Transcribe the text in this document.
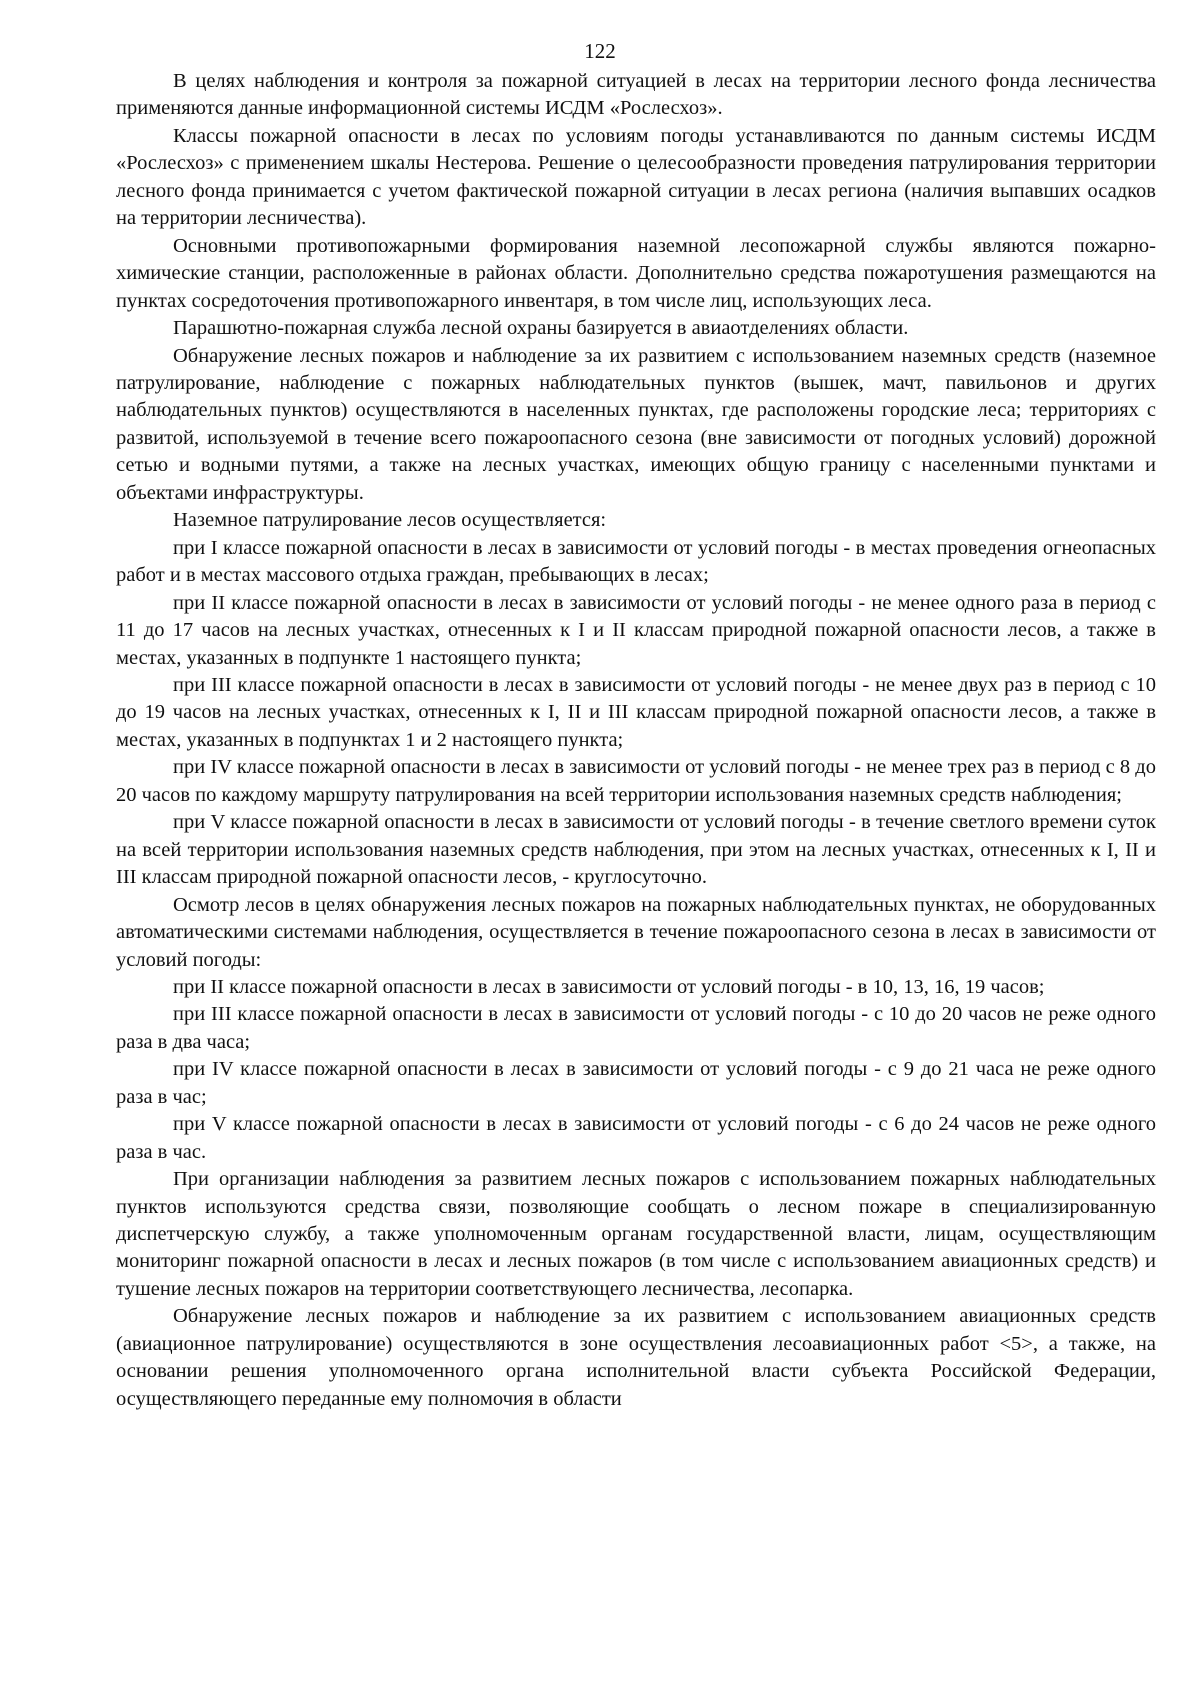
122

В целях наблюдения и контроля за пожарной ситуацией в лесах на территории лесного фонда лесничества применяются данные информационной системы ИСДМ «Рослесхоз».

Классы пожарной опасности в лесах по условиям погоды устанавливаются по данным системы ИСДМ «Рослесхоз» с применением шкалы Нестерова. Решение о целесообразности проведения патрулирования территории лесного фонда принимается с учетом фактической пожарной ситуации в лесах региона (наличия выпавших осадков на территории лесничества).

Основными противопожарными формирования наземной лесопожарной службы являются пожарно-химические станции, расположенные в районах области. Дополнительно средства пожаротушения размещаются на пунктах сосредоточения противопожарного инвентаря, в том числе лиц, использующих леса.

Парашютно-пожарная служба лесной охраны базируется в авиаотделениях области.

Обнаружение лесных пожаров и наблюдение за их развитием с использованием наземных средств (наземное патрулирование, наблюдение с пожарных наблюдательных пунктов (вышек, мачт, павильонов и других наблюдательных пунктов) осуществляются в населенных пунктах, где расположены городские леса; территориях с развитой, используемой в течение всего пожароопасного сезона (вне зависимости от погодных условий) дорожной сетью и водными путями, а также на лесных участках, имеющих общую границу с населенными пунктами и объектами инфраструктуры.

Наземное патрулирование лесов осуществляется:

при I классе пожарной опасности в лесах в зависимости от условий погоды - в местах проведения огнеопасных работ и в местах массового отдыха граждан, пребывающих в лесах;

при II классе пожарной опасности в лесах в зависимости от условий погоды - не менее одного раза в период с 11 до 17 часов на лесных участках, отнесенных к I и II классам природной пожарной опасности лесов, а также в местах, указанных в подпункте 1 настоящего пункта;

при III классе пожарной опасности в лесах в зависимости от условий погоды - не менее двух раз в период с 10 до 19 часов на лесных участках, отнесенных к I, II и III классам природной пожарной опасности лесов, а также в местах, указанных в подпунктах 1 и 2 настоящего пункта;

при IV классе пожарной опасности в лесах в зависимости от условий погоды - не менее трех раз в период с 8 до 20 часов по каждому маршруту патрулирования на всей территории использования наземных средств наблюдения;

при V классе пожарной опасности в лесах в зависимости от условий погоды - в течение светлого времени суток на всей территории использования наземных средств наблюдения, при этом на лесных участках, отнесенных к I, II и III классам природной пожарной опасности лесов, - круглосуточно.

Осмотр лесов в целях обнаружения лесных пожаров на пожарных наблюдательных пунктах, не оборудованных автоматическими системами наблюдения, осуществляется в течение пожароопасного сезона в лесах в зависимости от условий погоды:

при II классе пожарной опасности в лесах в зависимости от условий погоды - в 10, 13, 16, 19 часов;

при III классе пожарной опасности в лесах в зависимости от условий погоды - с 10 до 20 часов не реже одного раза в два часа;

при IV классе пожарной опасности в лесах в зависимости от условий погоды - с 9 до 21 часа не реже одного раза в час;

при V классе пожарной опасности в лесах в зависимости от условий погоды - с 6 до 24 часов не реже одного раза в час.

При организации наблюдения за развитием лесных пожаров с использованием пожарных наблюдательных пунктов используются средства связи, позволяющие сообщать о лесном пожаре в специализированную диспетчерскую службу, а также уполномоченным органам государственной власти, лицам, осуществляющим мониторинг пожарной опасности в лесах и лесных пожаров (в том числе с использованием авиационных средств) и тушение лесных пожаров на территории соответствующего лесничества, лесопарка.

Обнаружение лесных пожаров и наблюдение за их развитием с использованием авиационных средств (авиационное патрулирование) осуществляются в зоне осуществления лесоавиационных работ <5>, а также, на основании решения уполномоченного органа исполнительной власти субъекта Российской Федерации, осуществляющего переданные ему полномочия в области
